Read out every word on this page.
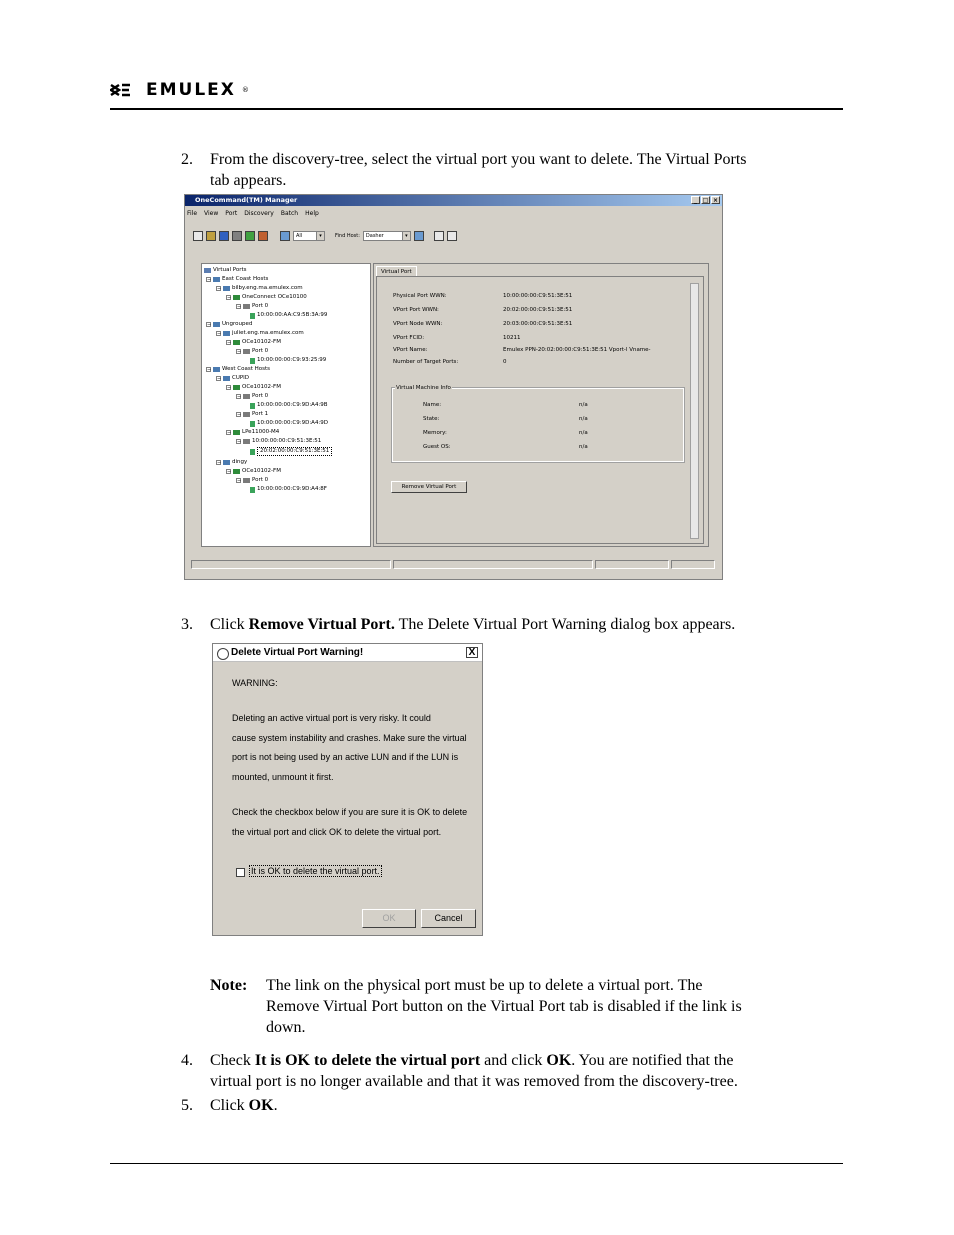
EMULEX ®
2. From the discovery-tree, select the virtual port you want to delete. The Virtual Ports
tab appears.
OneCommand(TM) Manager	_ □ ×
File View Port Discovery Batch Help
All	▾	Find Host:	Dasher	▾
Virtual Ports
− East Coast Hosts
− bilby.eng.ma.emulex.com
− OneConnect OCe10100
− Port 0
10:00:00:AA:C9:5B:3A:99
− Ungrouped
− juliet.eng.ma.emulex.com
− OCe10102-FM
− Port 0
10:00:00:00:C9:93:25:99
− West Coast Hosts
− CUPID
− OCe10102-FM
− Port 0
10:00:00:00:C9:9D:A4:9B
− Port 1
10:00:00:00:C9:9D:A4:9D
− LPe11000-M4
− 10:00:00:00:C9:51:3E:51
20:02:00:00:C9:51:3E:51
− dingy
− OCe10102-FM
− Port 0
10:00:00:00:C9:9D:A4:8F
Virtual Port
Physical Port WWN:	10:00:00:00:C9:51:3E:51
VPort Port WWN:	20:02:00:00:C9:51:3E:51
VPort Node WWN:	20:03:00:00:C9:51:3E:51
VPort FCID:	10211
VPort Name:	Emulex PPN-20:02:00:00:C9:51:3E:51 Vport-l Vname-
Number of Target Ports:	0
Virtual Machine Info
Name:	n/a
State:	n/a
Memory:	n/a
Guest OS:	n/a
Remove Virtual Port
3. Click Remove Virtual Port. The Delete Virtual Port Warning dialog box appears.
Delete Virtual Port Warning!	X
WARNING:
Deleting an active virtual port is very risky. It could
cause system instability and crashes. Make sure the virtual
port is not being used by an active LUN and if the LUN is
mounted, unmount it first.
Check the checkbox below if you are sure it is OK to delete
the virtual port and click OK to delete the virtual port.
It is OK to delete the virtual port.
OK	Cancel
Note: The link on the physical port must be up to delete a virtual port. The
Remove Virtual Port button on the Virtual Port tab is disabled if the link is
down.
4. Check It is OK to delete the virtual port and click OK. You are notified that the
virtual port is no longer available and that it was removed from the discovery-tree.
5. Click OK.
